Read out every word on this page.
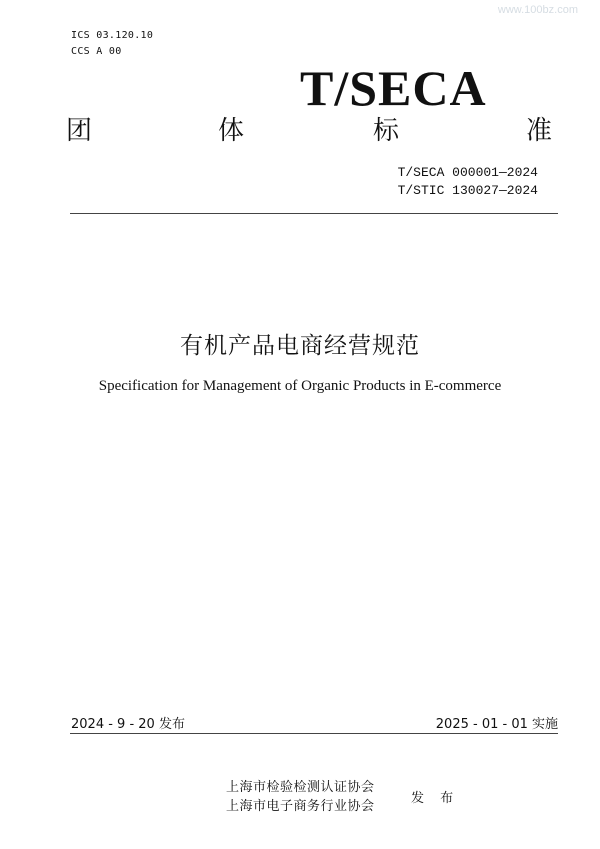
www.100bz.com
ICS 03.120.10
CCS A 00
T/SECA
团	体	标	准
T/SECA 000001—2024
T/STIC 130027—2024
有机产品电商经营规范
Specification for Management of Organic Products in E-commerce
2024 - 9 - 20 发布	2025 - 01 - 01 实施
上海市检验检测认证协会
上海市电子商务行业协会
发 布
